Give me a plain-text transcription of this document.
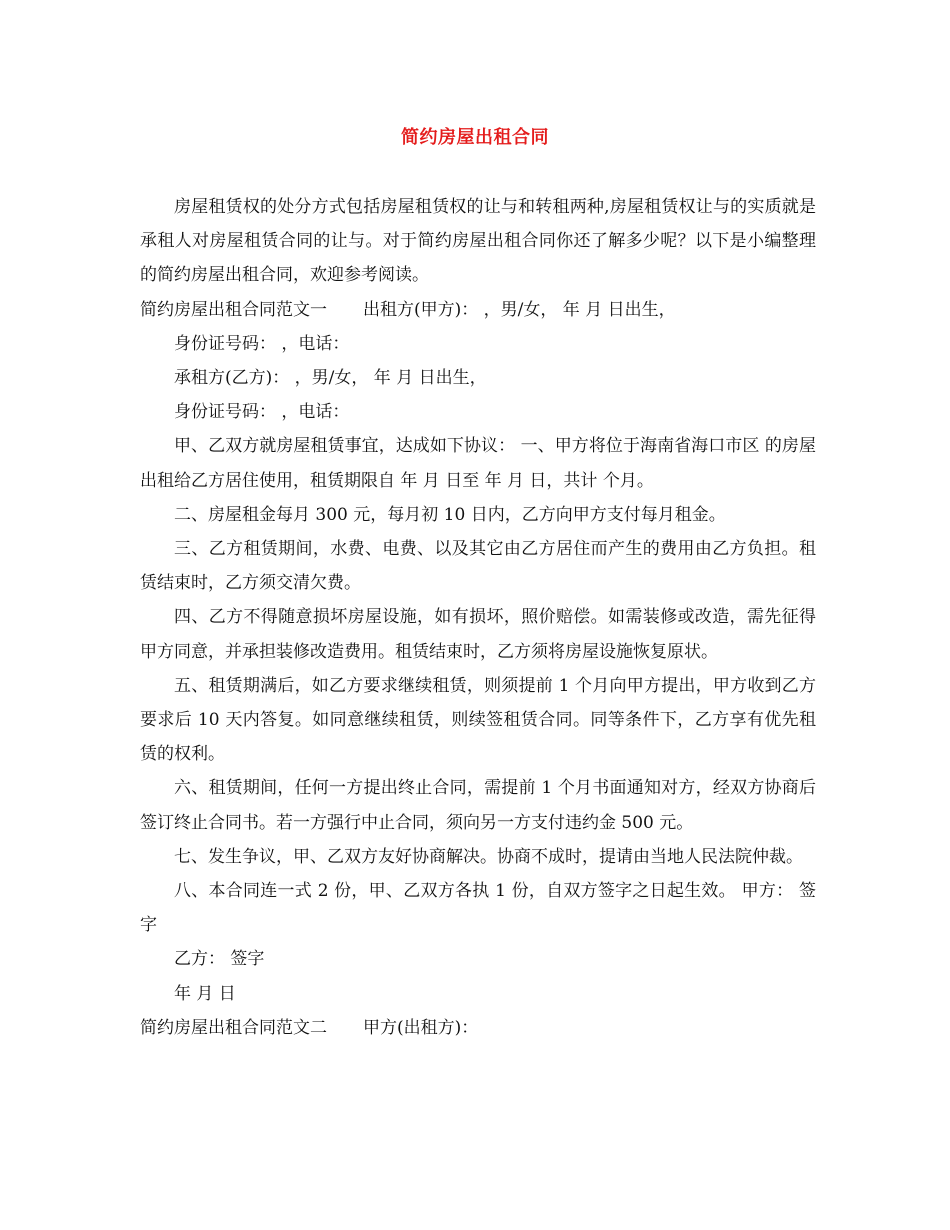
简约房屋出租合同

房屋租赁权的处分方式包括房屋租赁权的让与和转租两种,房屋租赁权让与的实质就是承租人对房屋租赁合同的让与。对于简约房屋出租合同你还了解多少呢？以下是小编整理的简约房屋出租合同，欢迎参考阅读。

简约房屋出租合同范文一 出租方(甲方)： ，男/女， 年 月 日出生，

身份证号码： ，电话：

承租方(乙方)： ，男/女， 年 月 日出生，

身份证号码： ，电话：

甲、乙双方就房屋租赁事宜，达成如下协议： 一、甲方将位于海南省海口市区 的房屋出租给乙方居住使用，租赁期限自 年 月 日至 年 月 日，共计 个月。

二、房屋租金每月 300 元，每月初 10 日内，乙方向甲方支付每月租金。

三、乙方租赁期间，水费、电费、以及其它由乙方居住而产生的费用由乙方负担。租赁结束时，乙方须交清欠费。

四、乙方不得随意损坏房屋设施，如有损坏，照价赔偿。如需装修或改造，需先征得甲方同意，并承担装修改造费用。租赁结束时，乙方须将房屋设施恢复原状。

五、租赁期满后，如乙方要求继续租赁，则须提前 1 个月向甲方提出，甲方收到乙方要求后 10 天内答复。如同意继续租赁，则续签租赁合同。同等条件下，乙方享有优先租赁的权利。

六、租赁期间，任何一方提出终止合同，需提前 1 个月书面通知对方，经双方协商后签订终止合同书。若一方强行中止合同，须向另一方支付违约金 500 元。

七、发生争议，甲、乙双方友好协商解决。协商不成时，提请由当地人民法院仲裁。

八、本合同连一式 2 份，甲、乙双方各执 1 份，自双方签字之日起生效。 甲方： 签字

乙方： 签字

年 月 日

简约房屋出租合同范文二 甲方(出租方)：
